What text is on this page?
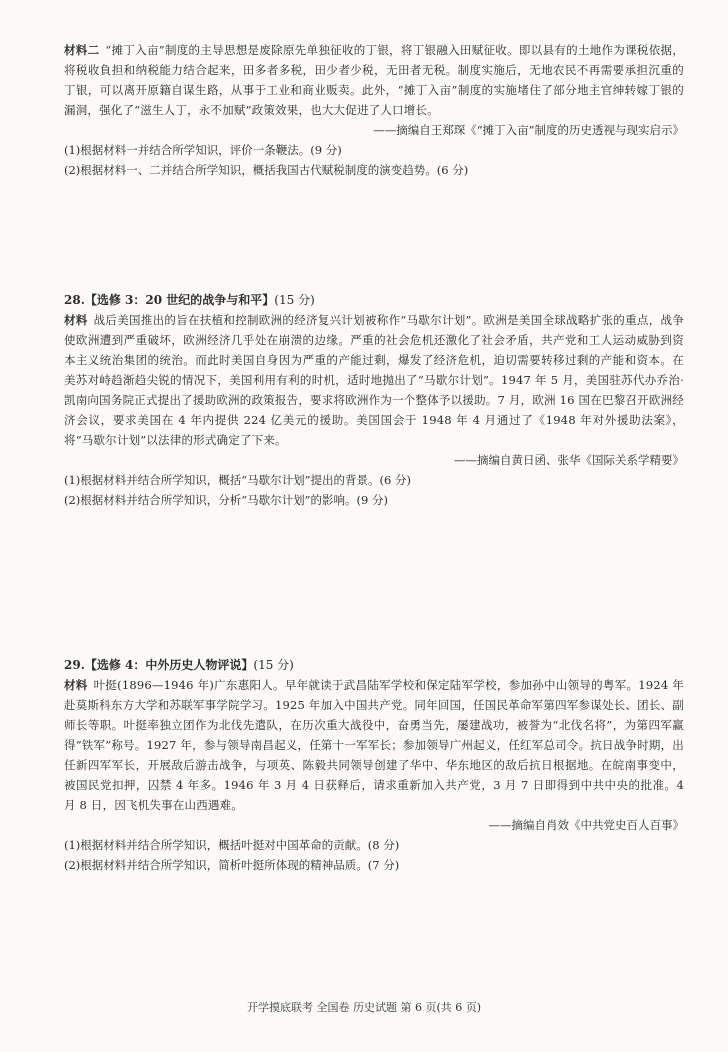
材料二 “摊丁入亩”制度的主导思想是废除原先单独征收的丁银，将丁银融入田赋征收。即以县有的土地作为课税依据，将税收負担和纳税能力结合起来，田多者多税，田少者少税，无田者无税。制度实施后，无地农民不再需要承担沉重的丁银，可以离开原籍自谋生路，从事于工业和商业贩卖。此外，“摊丁入亩”制度的实施堵住了部分地主官绅转嫁丁银的漏洞，强化了“滋生人丁，永不加赋”政策效果，也大大促进了人口增长。

——摘编自王郑琛《“摊丁入亩”制度的历史透视与现实启示》

(1)根据材料一并结合所学知识，评价一条鞭法。(9 分)

(2)根据材料一、二并结合所学知识，概括我国古代赋税制度的演变趋势。(6 分)

28.【选修 3：20 世纪的战争与和平】(15 分)

材料 战后美国推出的旨在扶植和控制欧洲的经济复兴计划被称作“马歇尔计划”。欧洲是美国全球战略扩张的重点，战争使欧洲遭到严重破坏，欧洲经济几乎处在崩溃的边缘。严重的社会危机还激化了社会矛盾，共产党和工人运动威胁到资本主义统治集团的统治。而此时美国自身因为严重的产能过剩，爆发了经济危机，迫切需要转移过剩的产能和资本。在美苏对峙趋渐趋尖锐的情况下，美国利用有利的时机，适时地抛出了“马歇尔计划”。1947 年 5 月，美国驻苏代办乔治·凯南向国务院正式提出了援助欧洲的政策报告，要求将欧洲作为一个整体予以援助。7 月，欧洲 16 国在巴黎召开欧洲经济会议，要求美国在 4 年内提供 224 亿美元的援助。美国国会于 1948 年 4 月通过了《1948 年对外援助法案》，将“马歇尔计划”以法律的形式确定了下来。

——摘编自黄日函、张华《国际关系学精要》

(1)根据材料并结合所学知识，概括“马歇尔计划”提出的背景。(6 分)

(2)根据材料并结合所学知识，分析“马歇尔计划”的影响。(9 分)

29.【选修 4：中外历史人物评说】(15 分)

材料 叶挺(1896—1946 年)广东惠阳人。早年就读于武昌陆军学校和保定陆军学校，参加孙中山领导的粤军。1924 年赴莫斯科东方大学和苏联军事学院学习。1925 年加入中国共产党。同年回国，任国民革命军第四军参谋处长、团长、副师长等职。叶挺率独立团作为北伐先遣队，在历次重大战役中，奋勇当先，屡建战功，被誉为“北伐名将”，为第四军赢得“铁军”称号。1927 年，参与领导南昌起义，任第十一军军长；参加领导广州起义，任红军总司令。抗日战争时期，出任新四军军长，开展敌后游击战争，与项英、陈毅共同领导创建了华中、华东地区的敌后抗日根据地。在皖南事变中，被国民党扣押，囚禁 4 年多。1946 年 3 月 4 日获释后，请求重新加入共产党，3 月 7 日即得到中共中央的批准。4 月 8 日，因飞机失事在山西遇难。

——摘编自肖效《中共党史百人百事》

(1)根据材料并结合所学知识，概括叶挺对中国革命的贡献。(8 分)

(2)根据材料并结合所学知识，简析叶挺所体现的精神品质。(7 分)

开学摸底联考 全国卷 历史试题 第 6 页(共 6 页)
